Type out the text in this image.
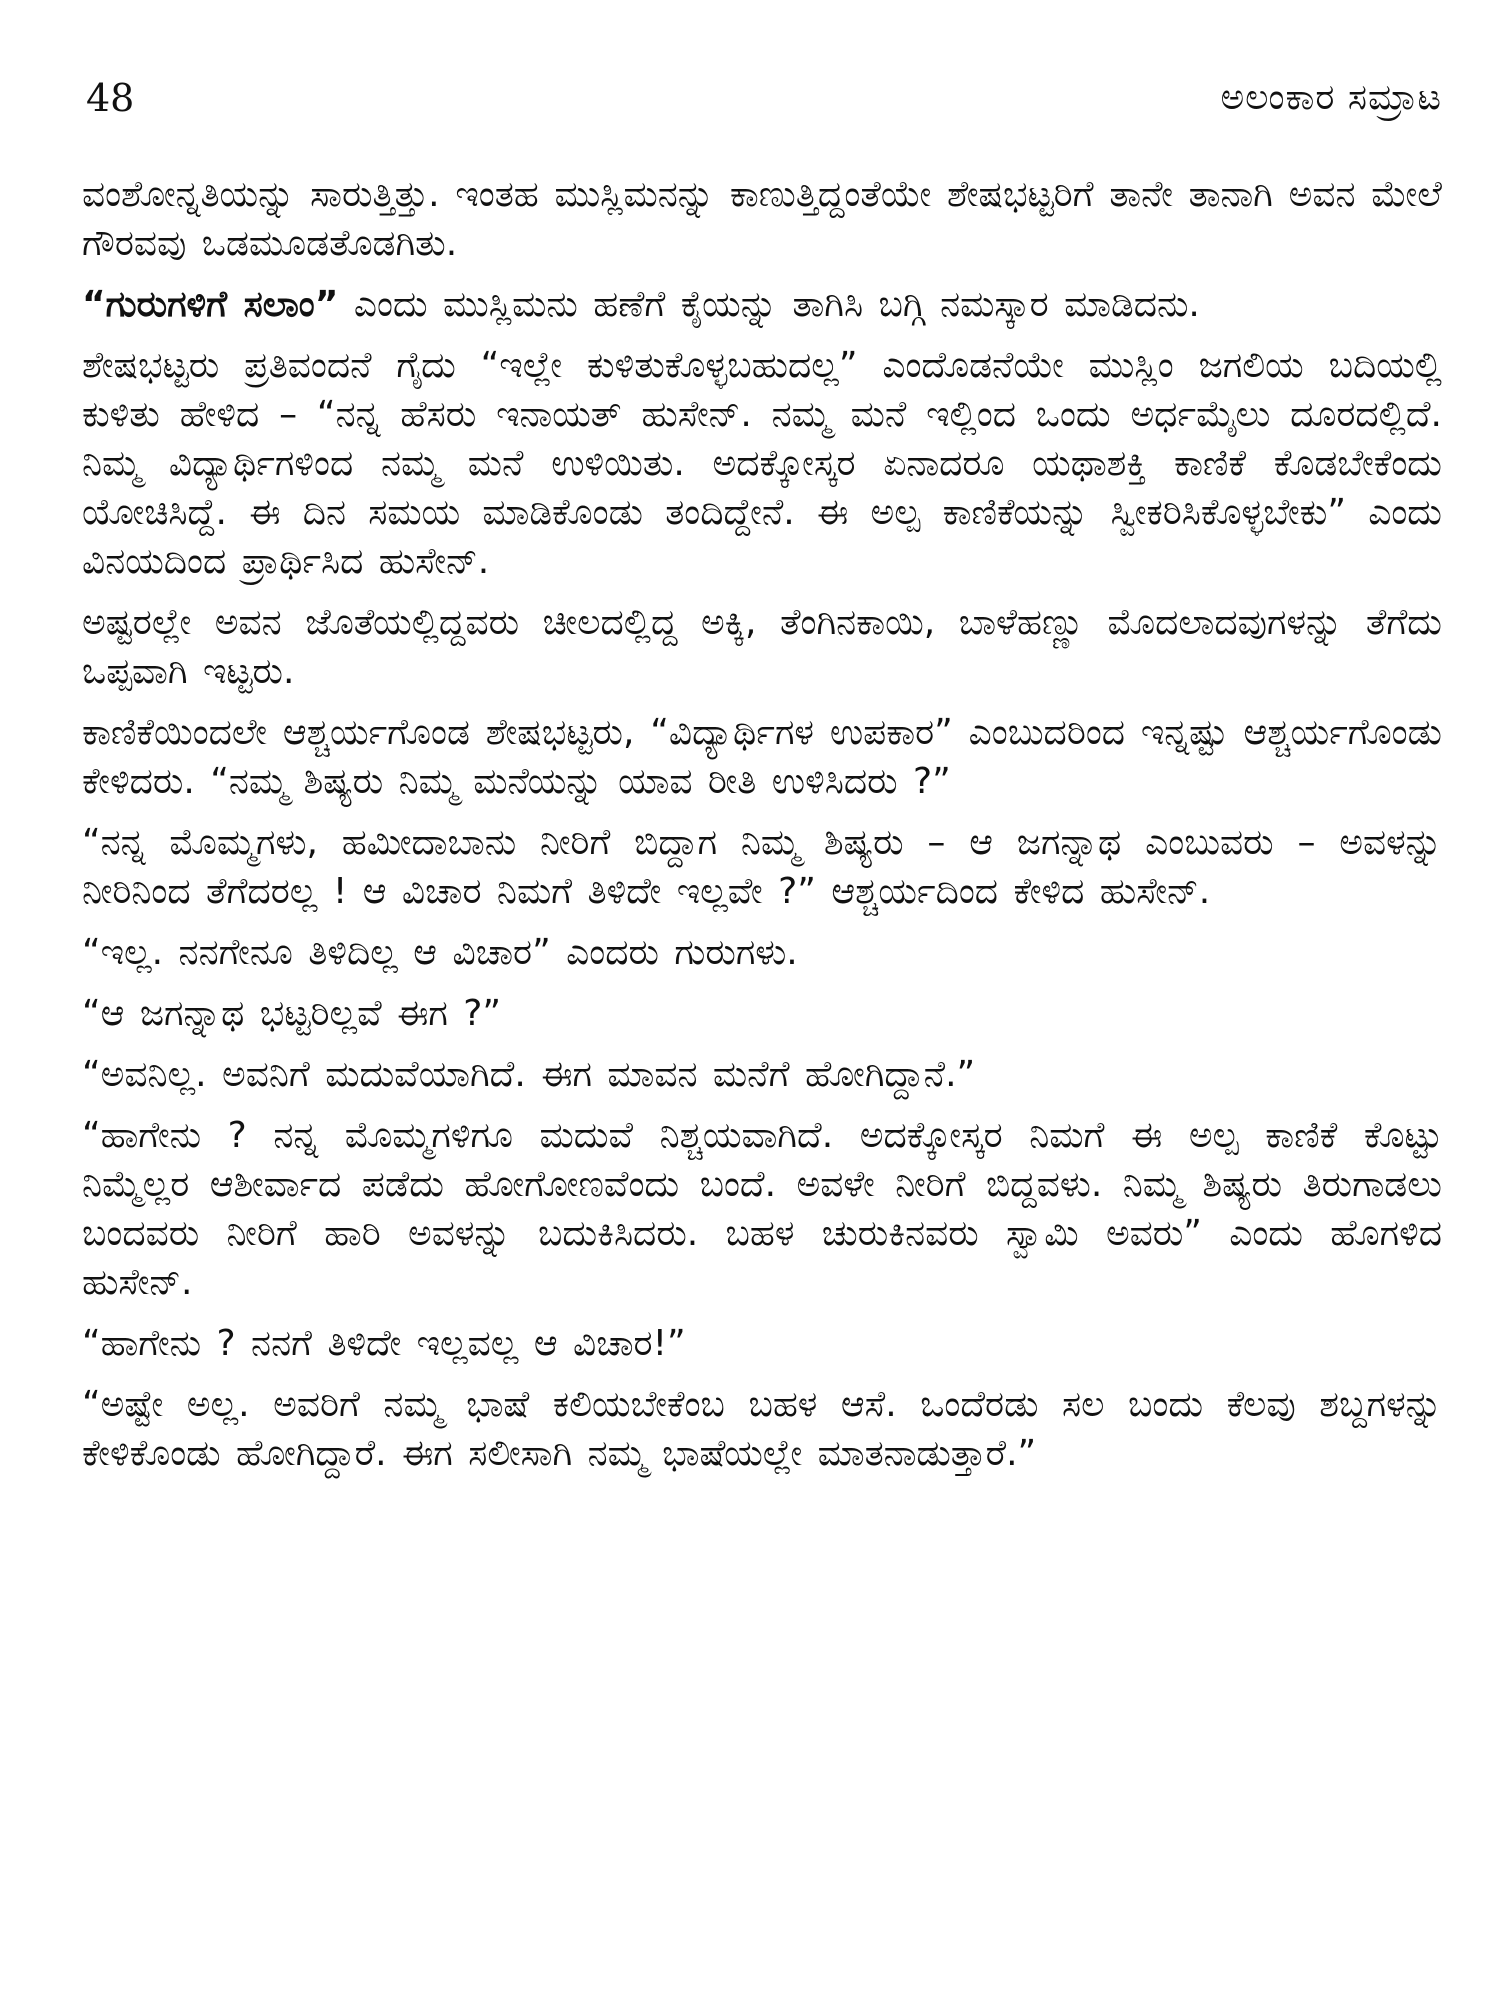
48	ಅಲಂಕಾರ ಸಮ್ರಾಟ

ವಂಶೋನ್ನತಿಯನ್ನು ಸಾರುತ್ತಿತ್ತು. ಇಂತಹ ಮುಸ್ಲಿಮನನ್ನು ಕಾಣುತ್ತಿದ್ದಂತೆಯೇ ಶೇಷಭಟ್ಟರಿಗೆ ತಾನೇ ತಾನಾಗಿ ಅವನ ಮೇಲೆ ಗೌರವವು ಒಡಮೂಡತೊಡಗಿತು.

“ಗುರುಗಳಿಗೆ ಸಲಾಂ” ಎಂದು ಮುಸ್ಲಿಮನು ಹಣೆಗೆ ಕೈಯನ್ನು ತಾಗಿಸಿ ಬಗ್ಗಿ ನಮಸ್ಕಾರ ಮಾಡಿದನು.

ಶೇಷಭಟ್ಟರು ಪ್ರತಿವಂದನೆ ಗೈದು “ಇಲ್ಲೇ ಕುಳಿತುಕೊಳ್ಳಬಹುದಲ್ಲ” ಎಂದೊಡನೆಯೇ ಮುಸ್ಲಿಂ ಜಗಲಿಯ ಬದಿಯಲ್ಲಿ ಕುಳಿತು ಹೇಳಿದ – “ನನ್ನ ಹೆಸರು ಇನಾಯತ್ ಹುಸೇನ್. ನಮ್ಮ ಮನೆ ಇಲ್ಲಿಂದ ಒಂದು ಅರ್ಧಮೈಲು ದೂರದಲ್ಲಿದೆ. ನಿಮ್ಮ ವಿದ್ಯಾರ್ಥಿಗಳಿಂದ ನಮ್ಮ ಮನೆ ಉಳಿಯಿತು. ಅದಕ್ಕೋಸ್ಕರ ಏನಾದರೂ ಯಥಾಶಕ್ತಿ ಕಾಣಿಕೆ ಕೊಡಬೇಕೆಂದು ಯೋಚಿಸಿದ್ದೆ. ಈ ದಿನ ಸಮಯ ಮಾಡಿಕೊಂಡು ತಂದಿದ್ದೇನೆ. ಈ ಅಲ್ಪ ಕಾಣಿಕೆಯನ್ನು ಸ್ವೀಕರಿಸಿಕೊಳ್ಳಬೇಕು” ಎಂದು ವಿನಯದಿಂದ ಪ್ರಾರ್ಥಿಸಿದ ಹುಸೇನ್.

ಅಷ್ಟರಲ್ಲೇ ಅವನ ಜೊತೆಯಲ್ಲಿದ್ದವರು ಚೀಲದಲ್ಲಿದ್ದ ಅಕ್ಕಿ, ತೆಂಗಿನಕಾಯಿ, ಬಾಳೆಹಣ್ಣು ಮೊದಲಾದವುಗಳನ್ನು ತೆಗೆದು ಒಪ್ಪವಾಗಿ ಇಟ್ಟರು.

ಕಾಣಿಕೆಯಿಂದಲೇ ಆಶ್ಚರ್ಯಗೊಂಡ ಶೇಷಭಟ್ಟರು, “ವಿದ್ಯಾರ್ಥಿಗಳ ಉಪಕಾರ” ಎಂಬುದರಿಂದ ಇನ್ನಷ್ಟು ಆಶ್ಚರ್ಯಗೊಂಡು ಕೇಳಿದರು. “ನಮ್ಮ ಶಿಷ್ಯರು ನಿಮ್ಮ ಮನೆಯನ್ನು ಯಾವ ರೀತಿ ಉಳಿಸಿದರು ?”

“ನನ್ನ ಮೊಮ್ಮಗಳು, ಹಮೀದಾಬಾನು ನೀರಿಗೆ ಬಿದ್ದಾಗ ನಿಮ್ಮ ಶಿಷ್ಯರು – ಆ ಜಗನ್ನಾಥ ಎಂಬುವರು – ಅವಳನ್ನು ನೀರಿನಿಂದ ತೆಗೆದರಲ್ಲ ! ಆ ವಿಚಾರ ನಿಮಗೆ ತಿಳಿದೇ ಇಲ್ಲವೇ ?” ಆಶ್ಚರ್ಯದಿಂದ ಕೇಳಿದ ಹುಸೇನ್.

“ಇಲ್ಲ. ನನಗೇನೂ ತಿಳಿದಿಲ್ಲ ಆ ವಿಚಾರ” ಎಂದರು ಗುರುಗಳು.

“ಆ ಜಗನ್ನಾಥ ಭಟ್ಟರಿಲ್ಲವೆ ಈಗ ?”

“ಅವನಿಲ್ಲ. ಅವನಿಗೆ ಮದುವೆಯಾಗಿದೆ. ಈಗ ಮಾವನ ಮನೆಗೆ ಹೋಗಿದ್ದಾನೆ.”

“ಹಾಗೇನು ? ನನ್ನ ಮೊಮ್ಮಗಳಿಗೂ ಮದುವೆ ನಿಶ್ಚಯವಾಗಿದೆ. ಅದಕ್ಕೋಸ್ಕರ ನಿಮಗೆ ಈ ಅಲ್ಪ ಕಾಣಿಕೆ ಕೊಟ್ಟು ನಿಮ್ಮೆಲ್ಲರ ಆಶೀರ್ವಾದ ಪಡೆದು ಹೋಗೋಣವೆಂದು ಬಂದೆ. ಅವಳೇ ನೀರಿಗೆ ಬಿದ್ದವಳು. ನಿಮ್ಮ ಶಿಷ್ಯರು ತಿರುಗಾಡಲು ಬಂದವರು ನೀರಿಗೆ ಹಾರಿ ಅವಳನ್ನು ಬದುಕಿಸಿದರು. ಬಹಳ ಚುರುಕಿನವರು ಸ್ವಾಮಿ ಅವರು” ಎಂದು ಹೊಗಳಿದ ಹುಸೇನ್.

“ಹಾಗೇನು ? ನನಗೆ ತಿಳಿದೇ ಇಲ್ಲವಲ್ಲ ಆ ವಿಚಾರ!”

“ಅಷ್ಟೇ ಅಲ್ಲ. ಅವರಿಗೆ ನಮ್ಮ ಭಾಷೆ ಕಲಿಯಬೇಕೆಂಬ ಬಹಳ ಆಸೆ. ಒಂದೆರಡು ಸಲ ಬಂದು ಕೆಲವು ಶಬ್ದಗಳನ್ನು ಕೇಳಿಕೊಂಡು ಹೋಗಿದ್ದಾರೆ. ಈಗ ಸಲೀಸಾಗಿ ನಮ್ಮ ಭಾಷೆಯಲ್ಲೇ ಮಾತನಾಡುತ್ತಾರೆ.”
